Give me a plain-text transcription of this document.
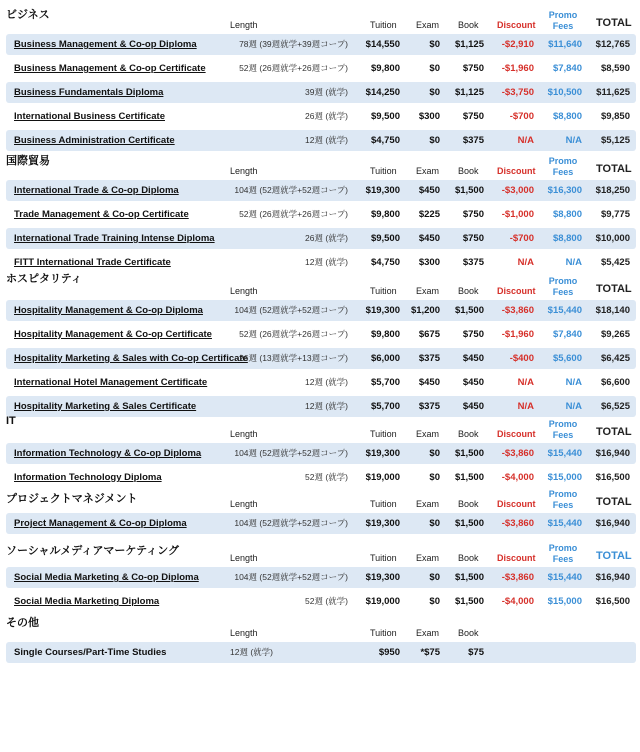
ビジネス
Length	Tuition Exam Book Discount
Promo Fees	TOTAL
Business Management & Co-op Diploma	78週 (39週就学+39週コープ)	$14,550	$0	$1,125	-$2,910	$11,640	$12,765
Business Management & Co-op Certificate	52週 (26週就学+26週コープ)	$9,800	$0	$750	-$1,960	$7,840	$8,590
Business Fundamentals Diploma	39週 (就学)	$14,250	$0	$1,125	-$3,750	$10,500	$11,625
International Business Certificate	26週 (就学)	$9,500	$300	$750	-$700	$8,800	$9,850
Business Administration Certificate	12週 (就学)	$4,750	$0	$375	N/A	N/A	$5,125
国際貿易
Length	Tuition Exam Book Discount
Promo Fees	TOTAL
International Trade & Co-op Diploma	104週 (52週就学+52週コープ)	$19,300	$450	$1,500	-$3,000	$16,300	$18,250
Trade Management & Co-op Certificate	52週 (26週就学+26週コープ)	$9,800	$225	$750	-$1,000	$8,800	$9,775
International Trade Training Intense Diploma	26週 (就学)	$9,500	$450	$750	-$700	$8,800	$10,000
FITT International Trade Certificate	12週 (就学)	$4,750	$300	$375	N/A	N/A	$5,425
ホスピタリティ
Length	Tuition Exam Book Discount
Promo Fees	TOTAL
Hospitality Management & Co-op Diploma	104週 (52週就学+52週コープ)	$19,300	$1,200	$1,500	-$3,860	$15,440	$18,140
Hospitality Management & Co-op Certificate	52週 (26週就学+26週コープ)	$9,800	$675	$750	-$1,960	$7,840	$9,265
Hospitality Marketing & Sales with Co-op Certificate
26週 (13週就学+13週コープ)	$6,000	$375	$450	-$400	$5,600	$6,425
International Hotel Management Certificate	12週 (就学)	$5,700	$450	$450	N/A	N/A	$6,600
Hospitality Marketing & Sales Certificate	12週 (就学)	$5,700	$375	$450	N/A	N/A	$6,525
IT
Length	Tuition Exam Book Discount
Promo Fees	TOTAL
Information Technology & Co-op Diploma	104週 (52週就学+52週コープ)	$19,300	$0	$1,500	-$3,860	$15,440	$16,940
Information Technology Diploma	52週 (就学)	$19,000	$0	$1,500	-$4,000	$15,000	$16,500
プロジェクトマネジメント	Length	Tuition Exam Book Discount
Promo Fees	TOTAL
Project Management & Co-op Diploma	104週 (52週就学+52週コープ)	$19,300	$0	$1,500	-$3,860	$15,440	$16,940
ソーシャルメディアマーケティング
Length	Tuition Exam Book Discount
Promo Fees	TOTAL
Social Media Marketing & Co-op Diploma	104週 (52週就学+52週コープ)	$19,300	$0	$1,500	-$3,860	$15,440	$16,940
Social Media Marketing Diploma	52週 (就学)	$19,000	$0	$1,500	-$4,000	$15,000	$16,500
その他
Length	Tuition Exam Book
Single Courses/Part-Time Studies	12週 (就学)	$950	*$75	$75
